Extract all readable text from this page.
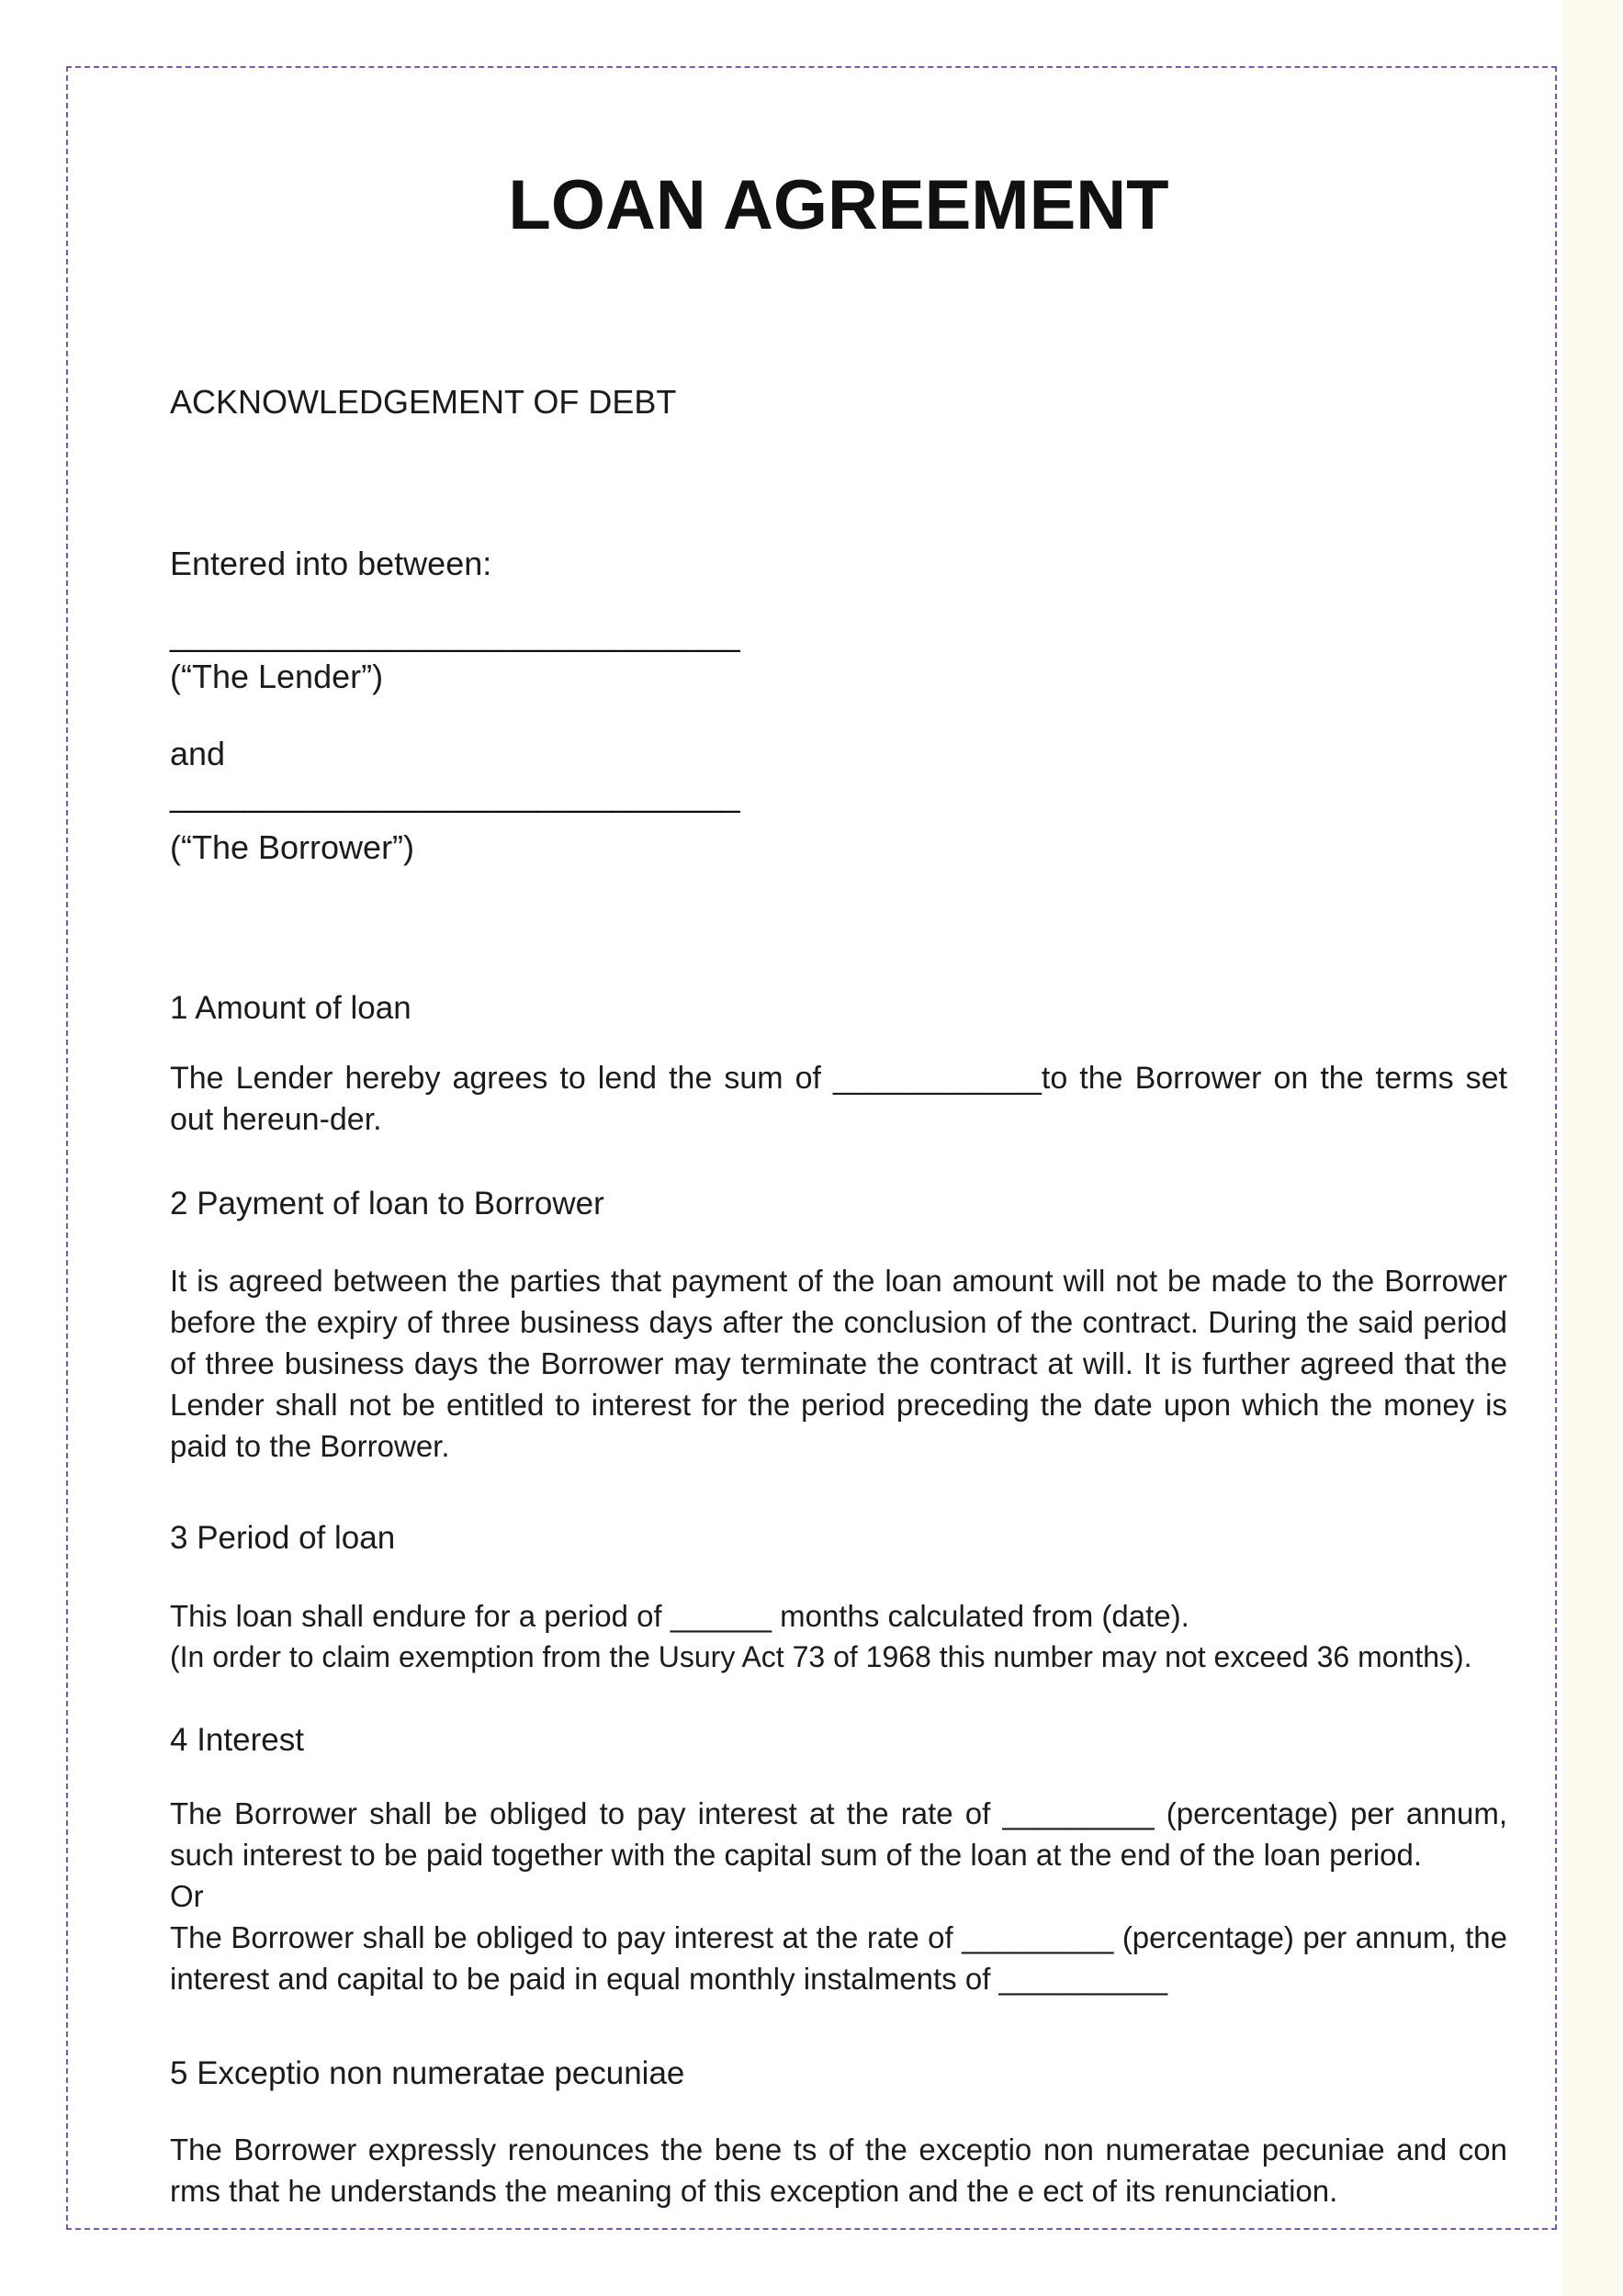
LOAN AGREEMENT

ACKNOWLEDGEMENT OF DEBT

Entered into between:

_______________________________

(“The Lender”)

and

_______________________________

(“The Borrower”)

1 Amount of loan

The Lender hereby agrees to lend the sum of ____________to the Borrower on the terms set out hereun-der.

2 Payment of loan to Borrower

It is agreed between the parties that payment of the loan amount will not be made to the Borrower before the expiry of three business days after the conclusion of the contract. During the said period of three business days the Borrower may terminate the contract at will. It is further agreed that the Lender shall not be entitled to interest for the period preceding the date upon which the money is paid to the Borrower.

3 Period of loan

This loan shall endure for a period of ______ months calculated from (date).

(In order to claim exemption from the Usury Act 73 of 1968 this number may not exceed 36 months).

4 Interest

The Borrower shall be obliged to pay interest at the rate of _________ (percentage) per annum, such interest to be paid together with the capital sum of the loan at the end of the loan period.

Or

The Borrower shall be obliged to pay interest at the rate of _________ (percentage) per annum, the interest and capital to be paid in equal monthly instalments of __________

5 Exceptio non numeratae pecuniae

The Borrower expressly renounces the bene ts of the exceptio non numeratae pecuniae and con rms that he understands the meaning of this exception and the e ect of its renunciation.
